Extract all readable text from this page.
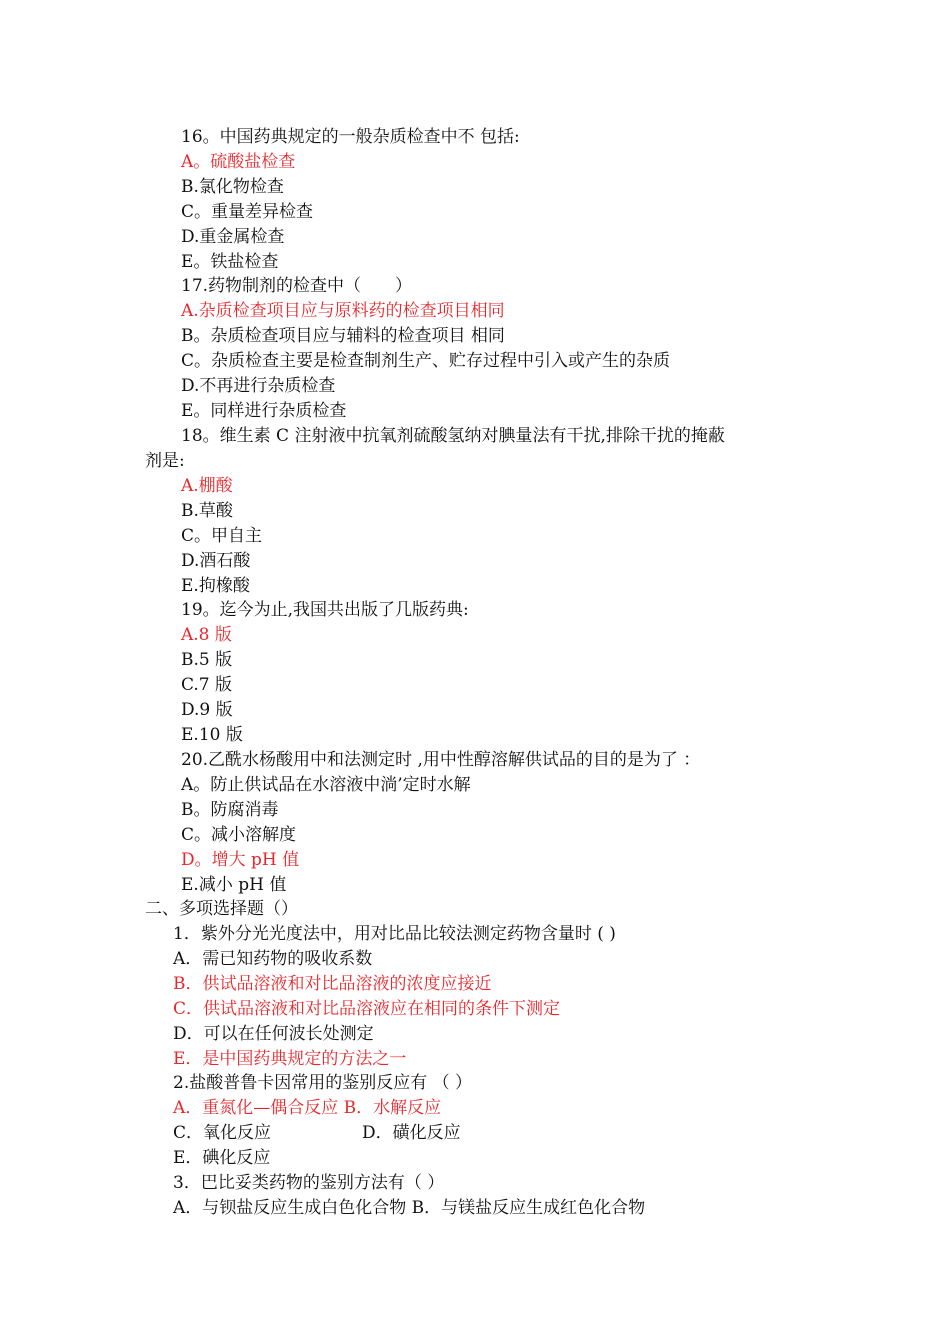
16。中国药典规定的一般杂质检查中不 包括:
A。硫酸盐检查
B.氯化物检查
C。重量差异检查
D.重金属检查
E。铁盐检查
17.药物制剂的检查中（　　）
A.杂质检查项目应与原料药的检查项目相同
B。杂质检查项目应与辅料的检查项目 相同
C。杂质检查主要是检查制剂生产、贮存过程中引入或产生的杂质
D.不再进行杂质检查
E。同样进行杂质检查
18。维生素 C 注射液中抗氧剂硫酸氢纳对腆量法有干扰,排除干扰的掩蔽
剂是:
A.棚酸
B.草酸
C。甲自主
D.酒石酸
E.拘橡酸
19。迄今为止,我国共出版了几版药典:
A.8 版
B.5 版
C.7 版
D.9 版
E.10 版
20.乙酰水杨酸用中和法测定时 ,用中性醇溶解供试品的目的是为了 ：
A。防止供试品在水溶液中淌’定时水解
B。防腐消毒
C。减小溶解度
D。增大 pH 值
E.减小 pH 值
二、多项选择题（）
1．紫外分光光度法中，用对比品比较法测定药物含量时 ( )
A．需已知药物的吸收系数
B．供试品溶液和对比品溶液的浓度应接近
C．供试品溶液和对比品溶液应在相同的条件下测定
D．可以在任何波长处测定
E．是中国药典规定的方法之一
2.盐酸普鲁卡因常用的鉴别反应有 （ ）
A．重氮化—偶合反应 B．水解反应
C．氧化反应	D．磺化反应
E．碘化反应
3．巴比妥类药物的鉴别方法有（ ）
A．与钡盐反应生成白色化合物 B．与镁盐反应生成红色化合物
